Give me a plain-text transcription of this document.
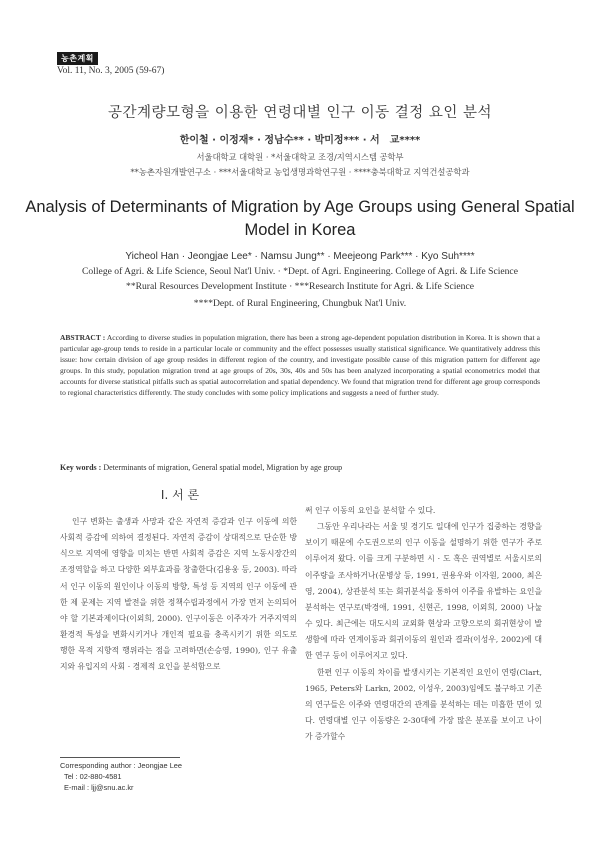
농촌계획
Vol. 11, No. 3, 2005 (59-67)
공간계량모형을 이용한 연령대별 인구 이동 결정 요인 분석
한이철 · 이정재* · 정남수** · 박미정*** · 서　교****
서울대학교 대학원 · *서울대학교 조경/지역시스템 공학부
**농촌자원개발연구소 · ***서울대학교 농업생명과학연구원 · ****충북대학교 지역건설공학과
Analysis of Determinants of Migration by Age Groups using General Spatial
Model in Korea
Yicheol Han · Jeongjae Lee* · Namsu Jung** · Meejeong Park*** · Kyo Suh****
College of Agri. & Life Science, Seoul Nat'l Univ. · *Dept. of Agri. Engineering. College of Agri. & Life Science
**Rural Resources Development Institute · ***Research Institute for Agri. & Life Science
****Dept. of Rural Engineering, Chungbuk Nat'l Univ.
ABSTRACT : According to diverse studies in population migration, there has been a strong age-dependent population distribution in Korea. It is shown that a particular age-group tends to reside in a particular locale or community and the effect possesses usually statistical significance. We quantitatively address this issue: how certain division of age group resides in different region of the country, and investigate possible cause of this migration pattern for different age groups. In this study, population migration trend at age groups of 20s, 30s, 40s and 50s has been analyzed incorporating a spatial econometrics model that accounts for diverse statistical pitfalls such as spatial autocorrelation and spatial dependency. We found that migration trend for different age group corresponds to regional characteristics differently. The study concludes with some policy implications and suggests a need of further study.
Key words : Determinants of migration, General spatial model, Migration by age group
Ⅰ. 서 론
인구 변화는 출생과 사망과 같은 자연적 증감과 인구 이동에 의한 사회적 증감에 의하여 결정된다. 자연적 증감이 상대적으로 단순한 방식으로 지역에 영향을 미치는 반면 사회적 증감은 지역 노동시장간의 조정역할을 하고 다양한 외부효과를 창출한다(김용웅 등, 2003). 따라서 인구 이동의 원인이나 이동의 방향, 특성 등 지역의 인구 이동에 관한 제 문제는 지역 발전을 위한 정책수립과정에서 가장 먼저 논의되어야 할 기본과제이다(이외희, 2000). 인구이동은 이주자가 거주지역의 환경적 특성을 변화시키거나 개인적 필요를 충족시키기 위한 의도로 행한 목적 지향적 행위라는 점을 고려하면(손승영, 1990), 인구 유출지와 유입지의 사회 · 경제적 요인을 분석함으로

써 인구 이동의 요인을 분석할 수 있다.

그동안 우리나라는 서울 및 경기도 일대에 인구가 집중하는 경향을 보이기 때문에 수도권으로의 인구 이동을 설명하기 위한 연구가 주로 이루어져 왔다. 이를 크게 구분하면 시 · 도 혹은 권역별로 서울시로의 이주량을 조사하거나(문병상 등, 1991, 권용우와 이자원, 2000, 최은영, 2004), 상관분석 또는 회귀분석을 통하여 이주를 유발하는 요인을 분석하는 연구로(박경애, 1991, 신현곤, 1998, 이외희, 2000) 나눌 수 있다. 최근에는 대도시의 교외화 현상과 고향으로의 회귀현상이 발생함에 따라 연계이동과 회귀이동의 원인과 결과(이성우, 2002)에 대한 연구 등이 이루어지고 있다.

한편 인구 이동의 차이를 발생시키는 기본적인 요인이 연령(Clart, 1965, Peters와 Larkn, 2002, 이성우, 2003)임에도 불구하고 기존의 연구들은 이주와 연령대간의 관계를 분석하는 데는 미흡한 면이 있다. 연령대별 인구 이동량은 2-30대에 가장 많은 분포를 보이고 나이가 증가할수

Corresponding author : Jeongjae Lee
Tel : 02-880-4581
E-mail : ljj@snu.ac.kr
